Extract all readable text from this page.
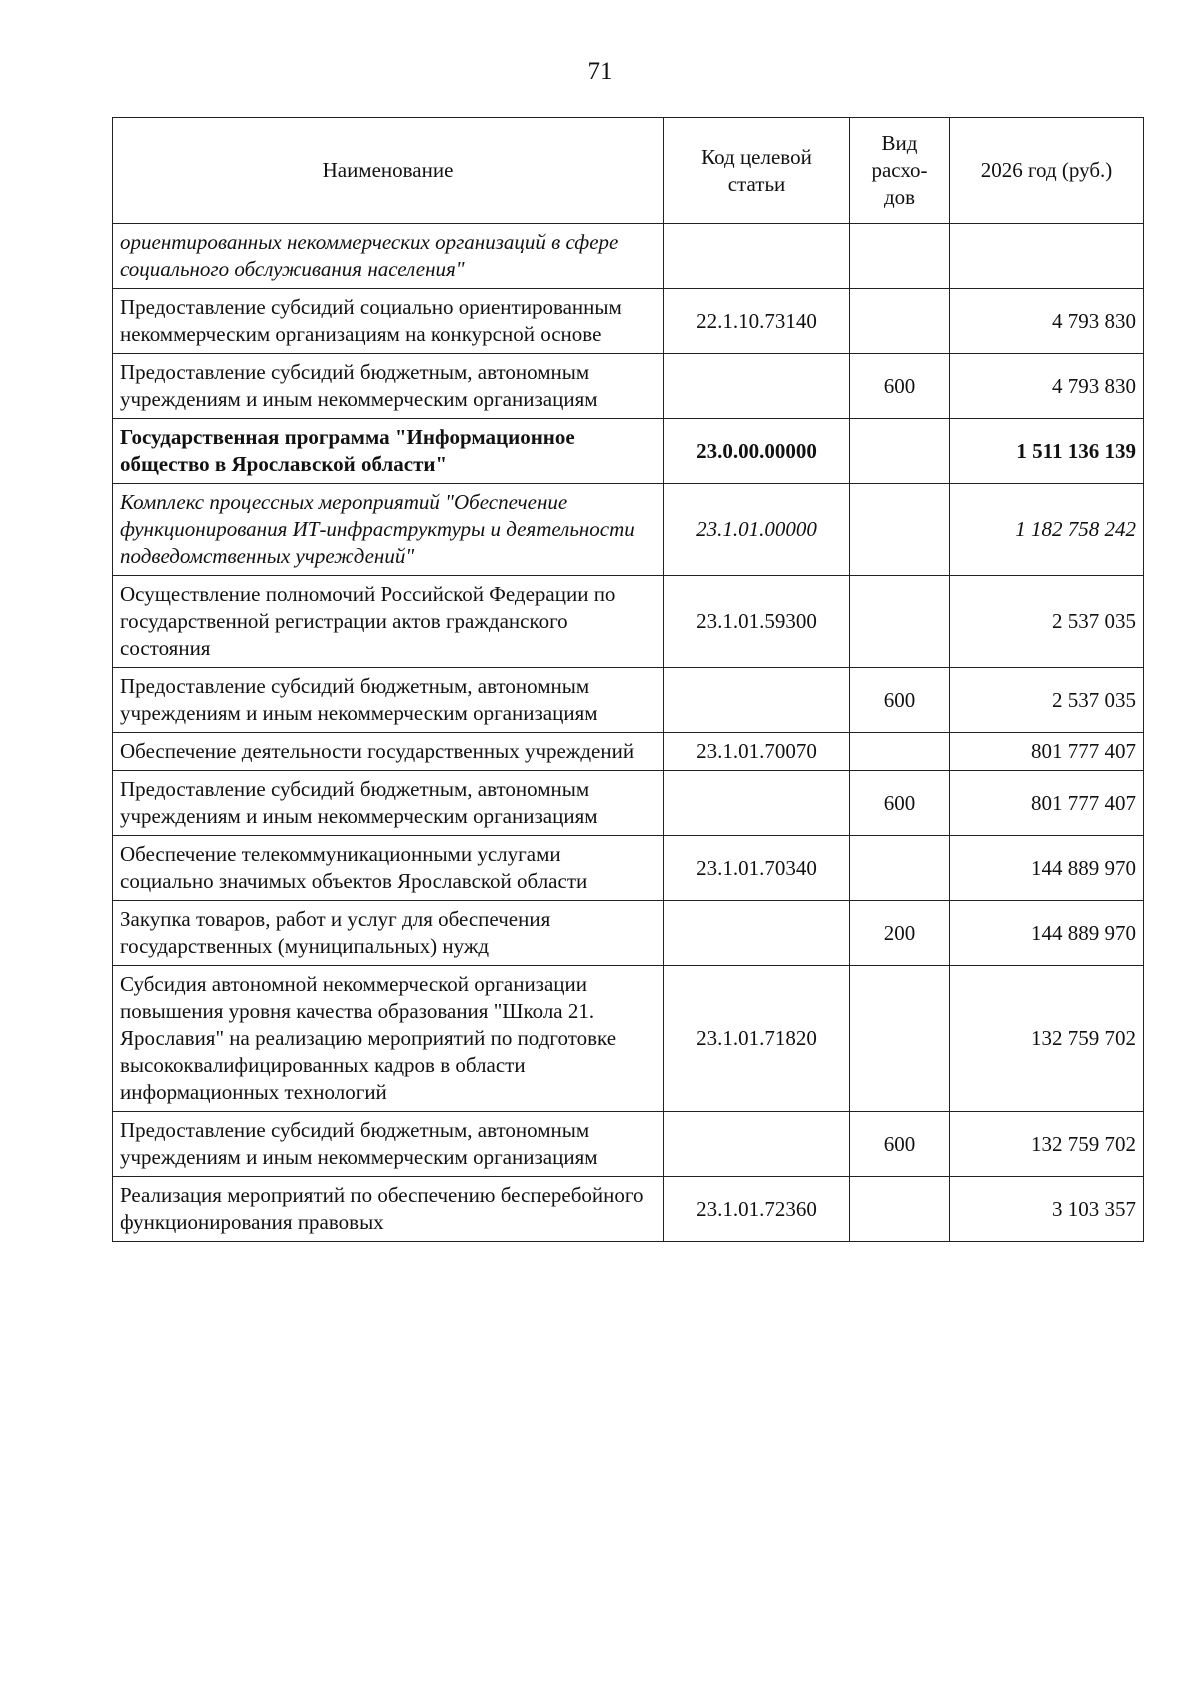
71
Наименование	Код целевой статьи	Вид расхо-дов	2026 год (руб.)
ориентированных некоммерческих организаций в сфере социального обслуживания населения"			
Предоставление субсидий социально ориентированным некоммерческим организациям на конкурсной основе	22.1.10.73140		4 793 830
Предоставление субсидий бюджетным, автономным учреждениям и иным некоммерческим организациям		600	4 793 830
Государственная программа "Информационное общество в Ярославской области"	23.0.00.00000		1 511 136 139
Комплекс процессных мероприятий "Обеспечение функционирования ИТ-инфраструктуры и деятельности подведомственных учреждений"	23.1.01.00000		1 182 758 242
Осуществление полномочий Российской Федерации по государственной регистрации актов гражданского состояния	23.1.01.59300		2 537 035
Предоставление субсидий бюджетным, автономным учреждениям и иным некоммерческим организациям		600	2 537 035
Обеспечение деятельности государственных учреждений	23.1.01.70070		801 777 407
Предоставление субсидий бюджетным, автономным учреждениям и иным некоммерческим организациям		600	801 777 407
Обеспечение телекоммуникационными услугами социально значимых объектов Ярославской области	23.1.01.70340		144 889 970
Закупка товаров, работ и услуг для обеспечения государственных (муниципальных) нужд		200	144 889 970
Субсидия автономной некоммерческой организации повышения уровня качества образования "Школа 21. Ярославия" на реализацию мероприятий по подготовке высококвалифицированных кадров в области информационных технологий	23.1.01.71820		132 759 702
Предоставление субсидий бюджетным, автономным учреждениям и иным некоммерческим организациям		600	132 759 702
Реализация мероприятий по обеспечению бесперебойного функционирования правовых	23.1.01.72360		3 103 357
